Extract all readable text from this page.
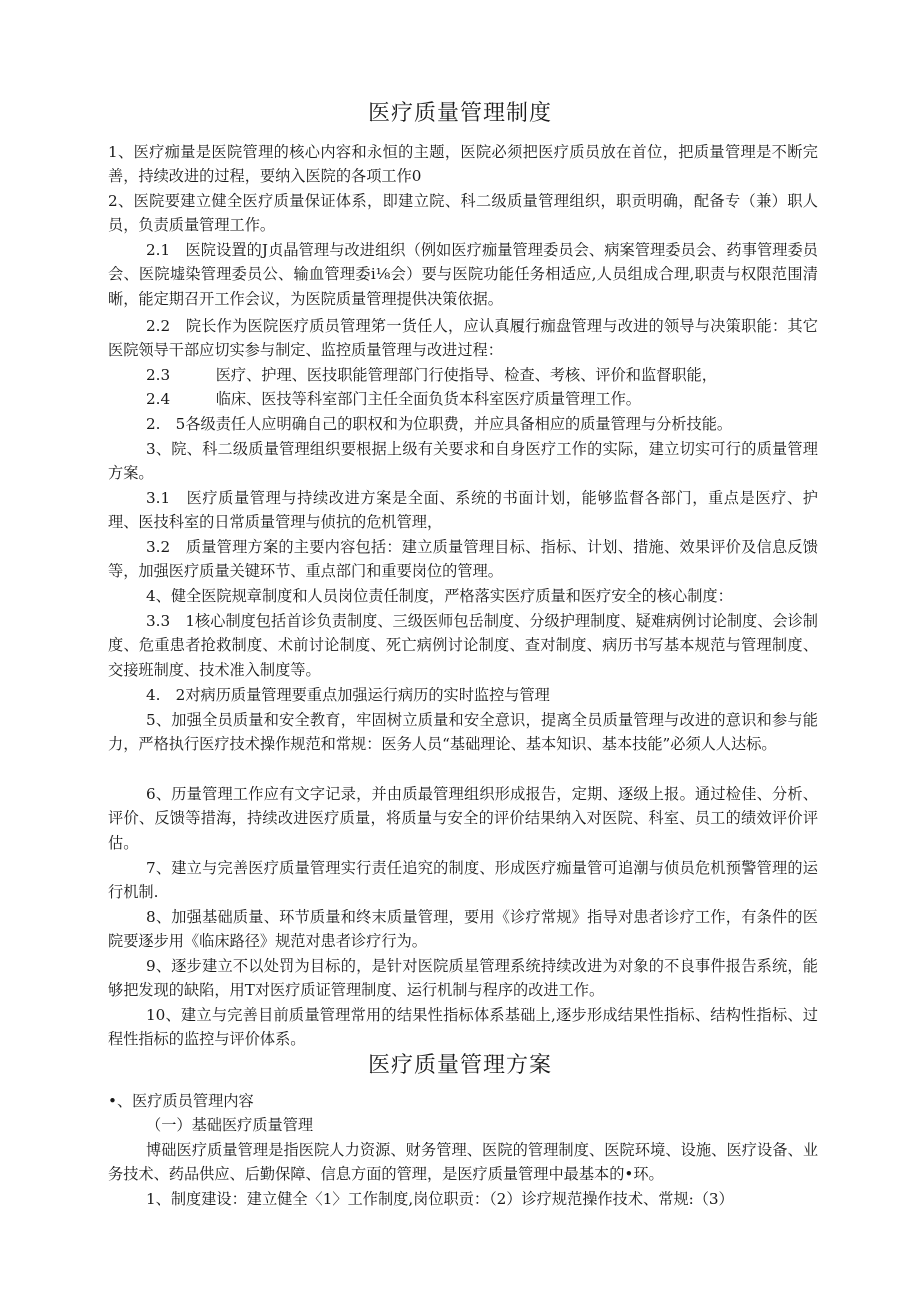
医疗质量管理制度
1、医疗痂量是医院管理的核心内容和永恒的主题，医院必须把医疗质员放在首位，把质量管理是不断完善，持续改进的过程，要纳入医院的各项工作0
2、医院要建立健全医疗质量保证体系，即建立院、科二级质量管理组织，职贡明确，配备专（兼）职人员，负责质量管理工作。
2.1　医院设置的J贞晶管理与改进组织（例如医疗痂量管理委员会、病案管理委员会、药事管理委员会、医院墟染管理委员公、输血管理委i⅛会）要与医院功能任务相适应,人员组成合理,职责与权限范围清晰，能定期召开工作会议，为医院质量管理提供决策依据。
2.2　院长作为医院医疗质员管理笫一货任人，应认真履行痂盘管理与改进的领导与决策职能：其它医院领导干部应切实参与制定、监控质量管理与改进过程：
2.3　　　医疗、护理、医技职能管理部门行使指导、检查、考核、评价和监督职能，
2.4　　　临床、医技等科室部门主任全面负货本科室医疗质量管理工作。
2.　5各级责任人应明确自己的职权和为位职费，并应具备相应的质量管理与分析技能。
3、院、科二级质量管理组织要根据上级有关要求和自身医疗工作的实际，建立切实可行的质量管理方案。
3.1　医疗质量管理与持续改进方案是全面、系统的书面计划，能够监督各部门，重点是医疗、护理、医技科室的日常质量管理与侦抗的危机管理，
3.2　质量管理方案的主要内容包括：建立质量管理目标、指标、计划、措施、效果评价及信息反馈等，加强医疗质量关键环节、重点部门和重要岗位的管理。
4、健全医院规章制度和人员岗位责任制度，严格落实医疗质量和医疗安全的核心制度：
3.3　1核心制度包括首诊负责制度、三级医师包岳制度、分级护理制度、疑难病例讨论制度、会诊制度、危重患者抢救制度、术前讨论制度、死亡病例讨论制度、查对制度、病历书写基本规范与管理制度、交接班制度、技术准入制度等。
4.　2对病历质量管理要重点加强运行病历的实时监控与管理
5、加强全员质量和安全教育，牢固树立质量和安全意识，提离全员质量管理与改进的意识和参与能力，严格执行医疗技术操作规范和常规：医务人员“基础理论、基本知识、基本技能”必须人人达标。
6、历量管理工作应有文字记录，并由质最管理组织形成报告，定期、逐级上报。通过检佳、分析、评价、反馈等措海，持续改进医疗质量，将质量与安全的评价结果纳入对医院、科室、员工的绩效评价评估。
7、建立与完善医疗质量管理实行责任追究的制度、形成医疗痂量管可追潮与侦员危机预警管理的运行机制.
8、加强基础质量、环节质量和终末质量管理，要用《诊疗常规》指导对患者诊疗工作，有条件的医院要逐步用《临床路径》规范对患者诊疗行为。
9、逐步建立不以处罚为目标的，是针对医院质星管理系统持续改进为对象的不良事件报告系统，能够把发现的缺陷，用T对医疗质证管理制度、运行机制与程序的改进工作。
10、建立与完善目前质量管理常用的结果性指标体系基础上,逐步形成结果性指标、结构性指标、过程性指标的监控与评价体系。
医疗质量管理方案
•、医疗质员管理内容
（一）基础医疗质量管理
博础医疗质量管理是指医院人力资源、财务管理、医院的管理制度、医院环境、设施、医疗设备、业务技术、药品供应、后勤保障、信息方面的管理，是医疗质量管理中最基本的•环。
1、制度建设：建立健全〈1〉工作制度,岗位职贡：（2）诊疗规范操作技术、常规:（3）
